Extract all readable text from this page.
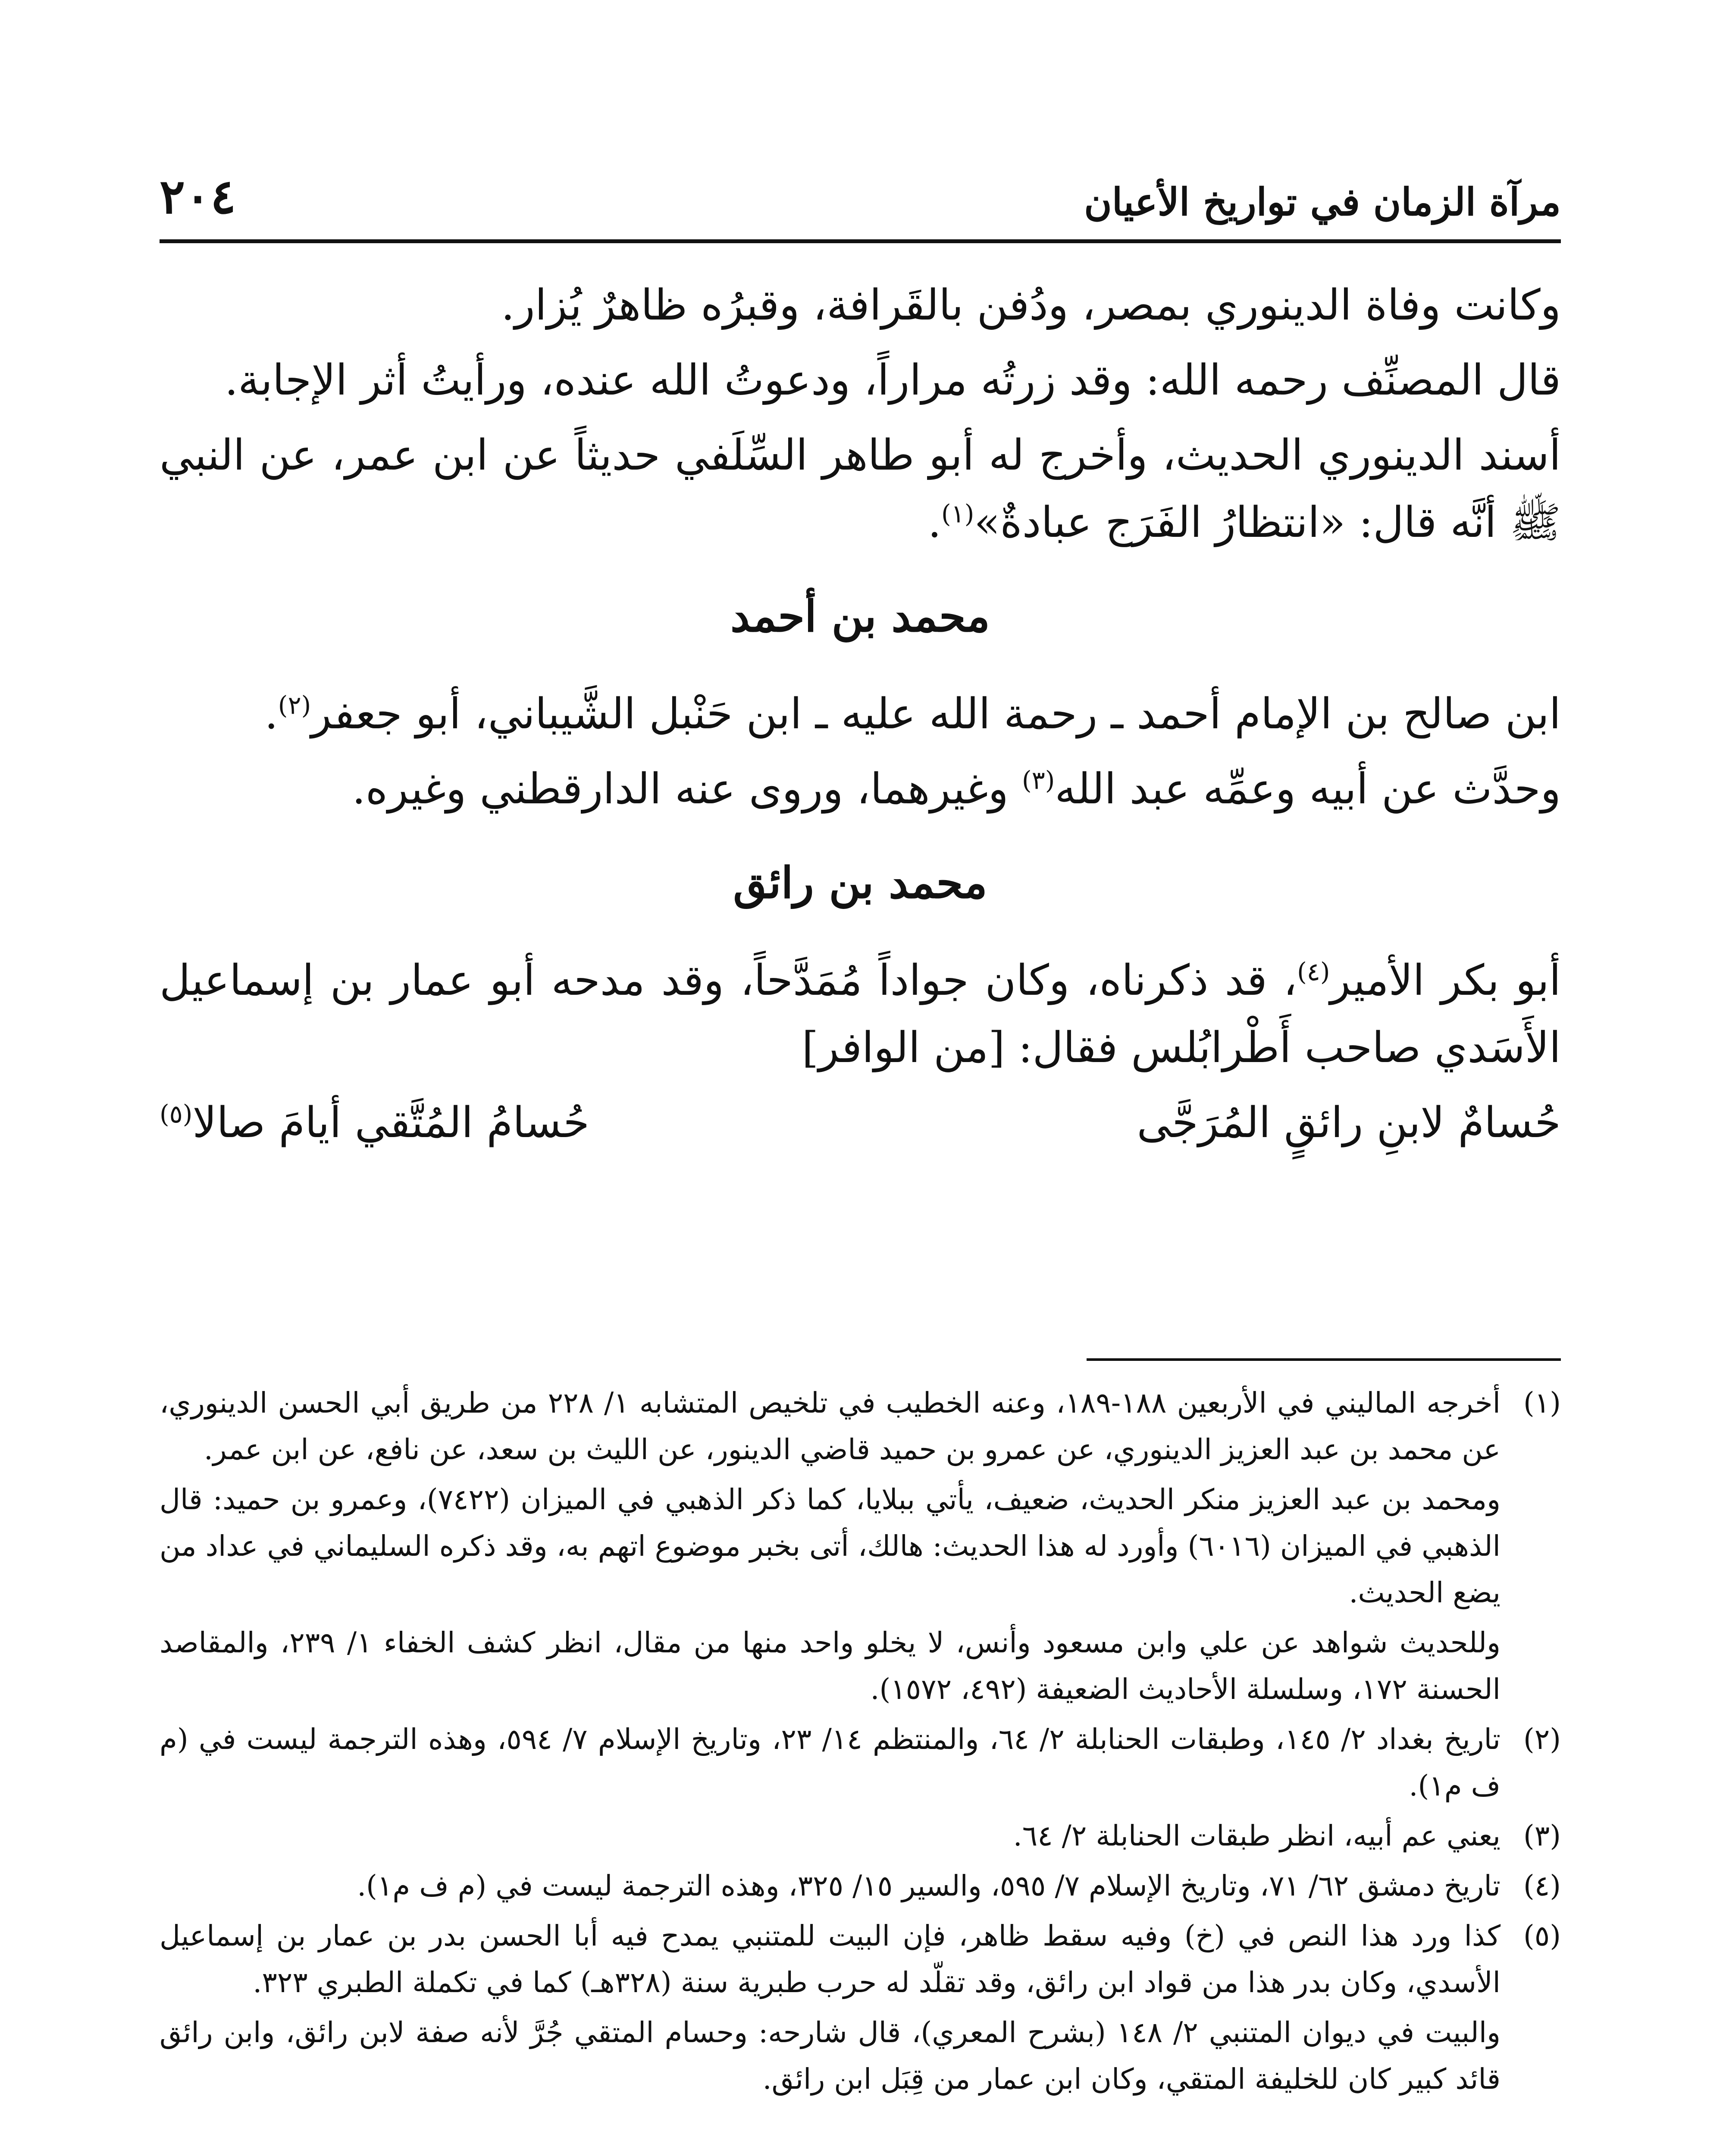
مرآة الزمان في تواريخ الأعيان
٢٠٤

وكانت وفاة الدينوري بمصر، ودُفن بالقَرافة، وقبرُه ظاهرٌ يُزار.

قال المصنِّف رحمه الله: وقد زرتُه مراراً، ودعوتُ الله عنده، ورأيتُ أثر الإجابة.

أسند الدينوري الحديث، وأخرج له أبو طاهر السِّلَفي حديثاً عن ابن عمر، عن النبي ﷺ أنَّه قال: «انتظارُ الفَرَج عبادةٌ»$^{(١)}$.

محمد بن أحمد

ابن صالح بن الإمام أحمد ـ رحمة الله عليه ـ ابن حَنْبل الشَّيباني، أبو جعفر$^{(٢)}$.

وحدَّث عن أبيه وعمِّه عبد الله$^{(٣)}$ وغيرهما، وروى عنه الدارقطني وغيره.

محمد بن رائق

أبو بكر الأمير$^{(٤)}$، قد ذكرناه، وكان جواداً مُمَدَّحاً، وقد مدحه أبو عمار بن إسماعيل الأَسَدي صاحب أَطْرابُلس فقال: [من الوافر]

حُسامٌ لابنِ رائقٍ المُرَجَّى
حُسامُ المُتَّقي أيامَ صالا$^{(٥)}$
(١)
أخرجه الماليني في الأربعين ١٨٨-١٨٩، وعنه الخطيب في تلخيص المتشابه ١/ ٢٢٨ من طريق أبي الحسن الدينوري، عن محمد بن عبد العزيز الدينوري، عن عمرو بن حميد قاضي الدينور، عن الليث بن سعد، عن نافع، عن ابن عمر.

ومحمد بن عبد العزيز منكر الحديث، ضعيف، يأتي ببلايا، كما ذكر الذهبي في الميزان (٧٤٢٢)، وعمرو بن حميد: قال الذهبي في الميزان (٦٠١٦) وأورد له هذا الحديث: هالك، أتى بخبر موضوع اتهم به، وقد ذكره السليماني في عداد من يضع الحديث.

وللحديث شواهد عن علي وابن مسعود وأنس، لا يخلو واحد منها من مقال، انظر كشف الخفاء ١/ ٢٣٩، والمقاصد الحسنة ١٧٢، وسلسلة الأحاديث الضعيفة (٤٩٢، ١٥٧٢).

(٢)
تاريخ بغداد ٢/ ١٤٥، وطبقات الحنابلة ٢/ ٦٤، والمنتظم ١٤/ ٢٣، وتاريخ الإسلام ٧/ ٥٩٤، وهذه الترجمة ليست في (م ف م١).
(٣)
يعني عم أبيه، انظر طبقات الحنابلة ٢/ ٦٤.
(٤)
تاريخ دمشق ٦٢/ ٧١، وتاريخ الإسلام ٧/ ٥٩٥، والسير ١٥/ ٣٢٥، وهذه الترجمة ليست في (م ف م١).
(٥)
كذا ورد هذا النص في (خ) وفيه سقط ظاهر، فإن البيت للمتنبي يمدح فيه أبا الحسن بدر بن عمار بن إسماعيل الأسدي، وكان بدر هذا من قواد ابن رائق، وقد تقلّد له حرب طبرية سنة (٣٢٨هـ) كما في تكملة الطبري ٣٢٣.

والبيت في ديوان المتنبي ٢/ ١٤٨ (بشرح المعري)، قال شارحه: وحسام المتقي جُرَّ لأنه صفة لابن رائق، وابن رائق قائد كبير كان للخليفة المتقي، وكان ابن عمار من قِبَل ابن رائق.
